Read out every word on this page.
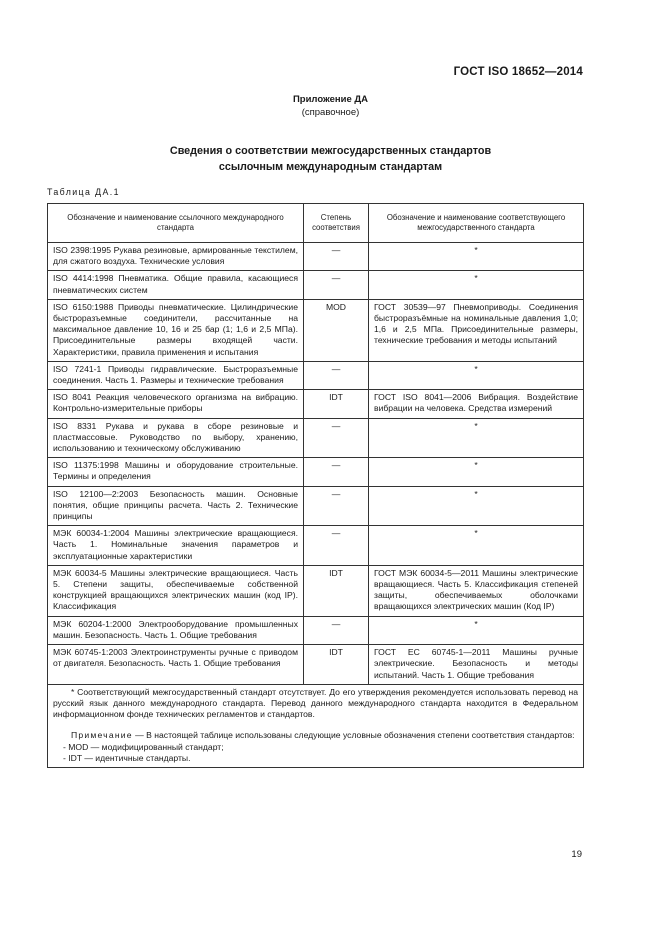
ГОСТ ISO 18652—2014
Приложение ДА
(справочное)
Сведения о соответствии межгосударственных стандартов
ссылочным международным стандартам
Таблица ДА.1
Обозначение и наименование ссылочного международного стандарта	Степень соответствия	Обозначение и наименование соответствующего межгосударственного стандарта
ISO 2398:1995 Рукава резиновые, армированные текстилем, для сжатого воздуха. Технические условия	—	*
ISO 4414:1998 Пневматика. Общие правила, касающиеся пневматических систем	—	*
ISO 6150:1988 Приводы пневматические. Цилиндрические быстроразъемные соединители, рассчитанные на максимальное давление 10, 16 и 25 бар (1; 1,6 и 2,5 МПа). Присоединительные размеры входящей части. Характеристики, правила применения и испытания	MOD	ГОСТ 30539—97 Пневмоприводы. Соединения быстроразъёмные на номинальные давления 1,0; 1,6 и 2,5 МПа. Присоединительные размеры, технические требования и методы испытаний
ISO 7241-1 Приводы гидравлические. Быстроразъемные соединения. Часть 1. Размеры и технические требования	—	*
ISO 8041 Реакция человеческого организма на вибрацию. Контрольно-измерительные приборы	IDT	ГОСТ ISO 8041—2006 Вибрация. Воздействие вибрации на человека. Средства измерений
ISO 8331 Рукава и рукава в сборе резиновые и пластмассовые. Руководство по выбору, хранению, использованию и техническому обслуживанию	—	*
ISO 11375:1998 Машины и оборудование строительные. Термины и определения	—	*
ISO 12100—2:2003 Безопасность машин. Основные понятия, общие принципы расчета. Часть 2. Технические принципы	—	*
МЭК 60034-1:2004 Машины электрические вращающиеся. Часть 1. Номинальные значения параметров и эксплуатационные характеристики	—	*
МЭК 60034-5 Машины электрические вращающиеся. Часть 5. Степени защиты, обеспечиваемые собственной конструкцией вращающихся электрических машин (код IP). Классификация	IDT	ГОСТ МЭК 60034-5—2011 Машины электрические вращающиеся. Часть 5. Классификация степеней защиты, обеспечиваемых оболочками вращающихся электрических машин (Код IP)
МЭК 60204-1:2000 Электрооборудование промышленных машин. Безопасность. Часть 1. Общие требования	—	*
МЭК 60745-1:2003 Электроинструменты ручные с приводом от двигателя. Безопасность. Часть 1. Общие требования	IDT	ГОСТ ЕС 60745-1—2011 Машины ручные электрические. Безопасность и методы испытаний. Часть 1. Общие требования

* Соответствующий межгосударственный стандарт отсутствует. До его утверждения рекомендуется использовать перевод на русский язык данного международного стандарта. Перевод данного международного стандарта находится в Федеральном информационном фонде технических регламентов и стандартов.
Примечание — В настоящей таблице использованы следующие условные обозначения степени соответствия стандартов:
- MOD — модифицированный стандарт;
- IDT — идентичные стандарты.		
19
